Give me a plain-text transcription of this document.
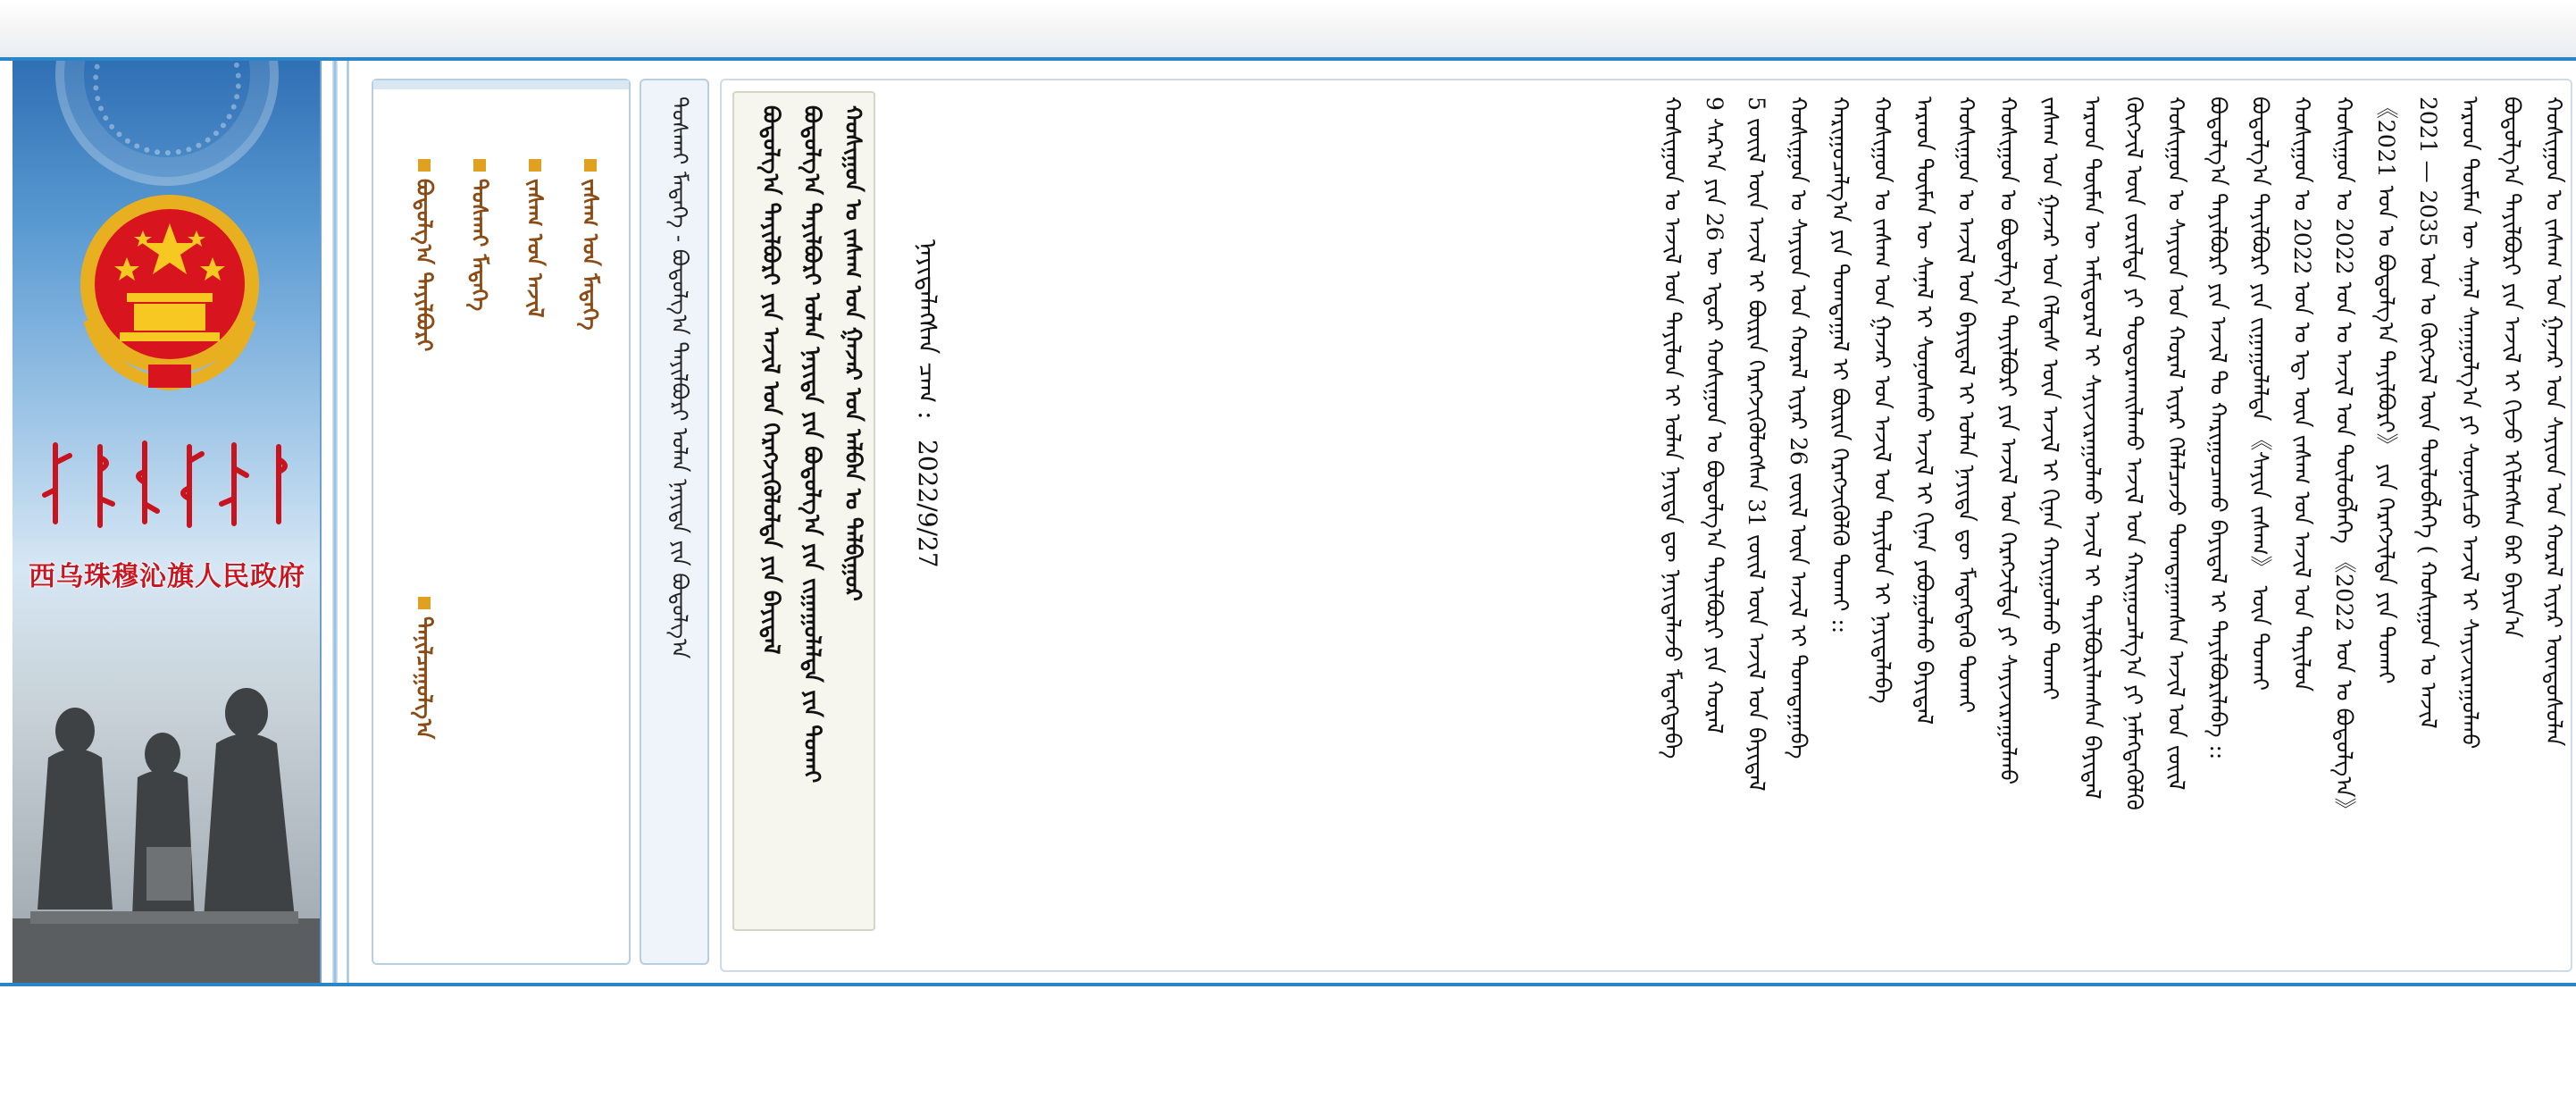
ᠪᠠᠷᠠᠭᠤᠨ ᠦᠵᠦᠮᠦᠴᠢᠨ ᠬᠣᠰᠢᠭᠤᠨ ᠤ ᠠᠷᠠᠳ ᠤᠨ ᠵᠠᠰᠠᠭ ᠤᠨ ᠭᠠᠵᠠᠷ
西乌珠穆沁旗人民政府
ᠵᠠᠰᠠᠭ ᠤᠨ ᠮᠡᠳᠡᠭᠡ
ᠵᠠᠰᠠᠭ ᠤᠨ ᠠᠵᠢᠯ
ᠲᠤᠰᠬᠠᠢ ᠮᠡᠳᠡᠭᠡ
ᠪᠣᠳᠤᠯᠭ᠎ᠠ ᠲᠠᠶᠢᠯᠪᠤᠷᠢ
ᠲᠠᠨᠢᠯᠴᠠᠭᠤᠯᠭ᠎ᠠ
ᠲᠤᠰᠬᠠᠢ ᠮᠡᠳᠡᠭᠡ - ᠪᠣᠳᠤᠯᠭ᠎ᠠ ᠲᠠᠶᠢᠯᠪᠤᠷᠢ ᠣᠯᠠᠨ ᠨᠡᠶᠢᠲᠡ ᠶᠢᠨ ᠪᠣᠳᠤᠯᠭ᠎ᠠ	ᠬᠣᠰᠢᠭᠤᠨ ᠤ ᠵᠠᠰᠠᠭ ᠤᠨ ᠭᠠᠵᠠᠷ ᠤᠨ ᠠᠯᠪᠠᠨ ᠤ ᠲᠠᠯᠪᠢᠭᠤᠷ
ᠪᠣᠳᠤᠯᠭ᠎ᠠ ᠲᠠᠶᠢᠯᠪᠤᠷᠢ ᠣᠯᠠᠨ ᠨᠡᠶᠢᠲᠡ ᠶᠢᠨ ᠪᠣᠳᠤᠯᠭ᠎ᠠ ᠶᠢᠨ ᠵᠢᠭᠠᠭᠤᠯᠠᠯᠲᠠ ᠶᠢᠨ ᠲᠤᠬᠠᠢ
ᠪᠣᠳᠤᠯᠭ᠎ᠠ ᠲᠠᠶᠢᠯᠪᠤᠷᠢ ᠶᠢᠨ ᠠᠵᠢᠯ ᠤᠨ ᠬᠡᠷᠡᠭᠵᠢᠭᠦᠯᠦᠯᠲᠡ ᠶᠢᠨ ᠪᠠᠶᠢᠳᠠᠯ	ᠨᠡᠶᠢᠲᠡᠯᠡᠭᠰᠡᠨ ᠴᠠᠭ : 2022/9/27	ᠬᠣᠰᠢᠭᠤᠨ ᠤ ᠵᠠᠰᠠᠭ ᠤᠨ ᠭᠠᠵᠠᠷ ᠤᠨ ᠰᠠᠶᠢᠳ ᠤᠨ ᠬᠤᠷᠠᠯ ᠢᠶᠠᠷ ᠦᠨᠳᠦᠰᠦᠯᠡᠨ
ᠪᠣᠳᠤᠯᠭ᠎ᠠ ᠲᠠᠶᠢᠯᠪᠤᠷᠢ ᠶᠢᠨ ᠠᠵᠢᠯ ᠢ ᠬᠢᠵᠦ ᠡᠬᠢᠯᠡᠭᠰᠡᠨ ᠪᠡᠷ ᠪᠠᠶᠢᠨ᠎ᠠ
ᠠᠷᠠᠳ ᠲᠦᠮᠡᠨ ᠦ ᠰᠠᠨᠠᠯ ᠰᠠᠨᠠᠭᠤᠯᠭ᠎ᠠ ᠶᠢ ᠰᠣᠨᠣᠰᠴᠤ ᠠᠵᠢᠯ ᠢ ᠰᠠᠶᠢᠵᠢᠷᠠᠭᠤᠯᠬᠤ
2021 — 2035 ᠣᠨ ᠤ ᠬᠥᠭᠵᠢᠯ ᠦᠨ ᠲᠥᠯᠥᠪᠯᠡᠭᠡ ( ᠬᠣᠰᠢᠭᠤᠨ ᠤ ᠠᠵᠢᠯ
《2021 ᠣᠨ ᠤ ᠪᠣᠳᠤᠯᠭ᠎ᠠ ᠲᠠᠶᠢᠯᠪᠤᠷᠢ》 ᠶᠢᠨ ᠬᠡᠷᠡᠭᠵᠢᠯᠲᠡ ᠶᠢᠨ ᠲᠤᠬᠠᠢ
ᠬᠣᠰᠢᠭᠤᠨ ᠤ 2022 ᠣᠨ ᠤ ᠠᠵᠢᠯ ᠤᠨ ᠲᠥᠯᠥᠪᠯᠡᠭᠡ 《2022 ᠣᠨ ᠤ ᠪᠣᠳᠤᠯᠭ᠎ᠠ》
ᠬᠣᠰᠢᠭᠤᠨ ᠤ 2022 ᠣᠨ ᠤ ᠡᠳ᠋ ᠦᠨ ᠵᠠᠰᠠᠭ ᠤᠨ ᠠᠵᠢᠯ ᠤᠨ ᠲᠠᠶᠢᠯᠤᠨ
ᠪᠣᠳᠤᠯᠭ᠎ᠠ ᠲᠠᠶᠢᠯᠪᠤᠷᠢ ᠶᠢᠨ ᠵᠢᠭᠠᠭᠤᠯᠠᠯᠲᠠ 《ᠰᠠᠶᠢᠨ ᠵᠠᠰᠠᠭ》 ᠦᠨ ᠲᠤᠬᠠᠢ
ᠪᠣᠳᠤᠯᠭ᠎ᠠ ᠲᠠᠶᠢᠯᠪᠤᠷᠢ ᠶᠢᠨ ᠠᠵᠢᠯ ᠲᠤ ᠬᠠᠷᠢᠭᠤᠴᠠᠬᠤ ᠪᠠᠶᠢᠳᠠᠯ ᠢ ᠲᠠᠶᠢᠯᠪᠤᠷᠢᠯᠠᠪᠠ ::
ᠬᠣᠰᠢᠭᠤᠨ ᠤ ᠰᠠᠶᠢᠳ ᠤᠨ ᠬᠤᠷᠠᠯ ᠢᠶᠠᠷ ᠬᠡᠯᠡᠯᠴᠡᠵᠦ ᠲᠣᠭᠲᠠᠭᠠᠭᠰᠠᠨ ᠠᠵᠢᠯ ᠤᠨ ᠵᠦᠢᠯ
ᠬᠥᠭᠵᠢᠯ ᠦᠨ ᠵᠣᠷᠢᠯᠲᠠ ᠶᠢ ᠲᠣᠳᠣᠷᠬᠠᠢᠯᠠᠬᠤ ᠠᠵᠢᠯ ᠤᠨ ᠬᠠᠷᠢᠭᠤᠴᠠᠯᠭ᠎ᠠ ᠶᠢ ᠨᠡᠮᠡᠭᠳᠡᠭᠦᠯᠬᠦ
ᠠᠷᠠᠳ ᠲᠦᠮᠡᠨ ᠦ ᠠᠮᠢᠳᠤᠷᠠᠯ ᠢ ᠰᠠᠶᠢᠵᠢᠷᠠᠭᠤᠯᠬᠤ ᠠᠵᠢᠯ ᠢ ᠲᠠᠶᠢᠯᠪᠤᠷᠢᠯᠠᠭᠰᠠᠨ ᠪᠠᠶᠢᠳᠠᠯ
ᠵᠠᠰᠠᠭ ᠤᠨ ᠭᠠᠵᠠᠷ ᠤᠨ ᠬᠡᠯᠲᠡᠰ ᠦᠨ ᠠᠵᠢᠯ ᠢ ᠬᠢᠨᠠᠨ ᠬᠠᠶᠢᠭᠤᠯᠬᠤ ᠲᠤᠬᠠᠢ
ᠬᠣᠰᠢᠭᠤᠨ ᠤ ᠪᠣᠳᠤᠯᠭ᠎ᠠ ᠲᠠᠶᠢᠯᠪᠤᠷᠢ ᠶᠢᠨ ᠠᠵᠢᠯ ᠤᠨ ᠬᠡᠷᠡᠭᠵᠢᠯᠲᠡ ᠶᠢ ᠰᠠᠶᠢᠵᠢᠷᠠᠭᠤᠯᠬᠤ
ᠬᠣᠰᠢᠭᠤᠨ ᠤ ᠠᠵᠢᠯ ᠤᠨ ᠪᠠᠶᠢᠳᠠᠯ ᠢ ᠣᠯᠠᠨ ᠨᠡᠶᠢᠲᠡ ᠳᠦ ᠮᠡᠳᠡᠭᠳᠡᠬᠦ ᠲᠤᠬᠠᠢ
ᠠᠷᠠᠳ ᠲᠦᠮᠡᠨ ᠦ ᠰᠠᠨᠠᠯ ᠢ ᠰᠣᠨᠣᠰᠬᠤ ᠠᠵᠢᠯ ᠢ ᠬᠢᠨᠠᠨ ᠶᠠᠪᠤᠭᠤᠯᠬᠤ ᠪᠠᠶᠢᠳᠠᠯ
ᠬᠣᠰᠢᠭᠤᠨ ᠤ ᠵᠠᠰᠠᠭ ᠤᠨ ᠭᠠᠵᠠᠷ ᠤᠨ ᠠᠵᠢᠯ ᠤᠨ ᠲᠠᠶᠢᠯᠤᠨ ᠢ ᠨᠡᠶᠢᠲᠡᠯᠡᠪᠡ
ᠬᠠᠷᠢᠭᠤᠴᠠᠯᠭ᠎ᠠ ᠶᠢᠨ ᠲᠣᠭᠲᠠᠭᠠᠯ ᠢ ᠪᠦᠷᠢᠨ ᠬᠡᠷᠡᠭᠵᠢᠭᠦᠯᠬᠦ ᠲᠤᠬᠠᠢ ::
ᠬᠣᠰᠢᠭᠤᠨ ᠤ ᠰᠠᠶᠢᠳ ᠤᠨ ᠬᠤᠷᠠᠯ ᠢᠶᠠᠷ 26 ᠵᠦᠢᠯ ᠦᠨ ᠠᠵᠢᠯ ᠢ ᠲᠣᠭᠲᠠᠭᠠᠪᠠ
5 ᠵᠦᠢᠯ ᠦᠨ ᠠᠵᠢᠯ ᠢ ᠪᠦᠷᠢᠨ ᠬᠡᠷᠡᠭᠵᠢᠭᠦᠯᠦᠭᠰᠡᠨ 31 ᠵᠦᠢᠯ ᠦᠨ ᠠᠵᠢᠯ ᠤᠨ ᠪᠠᠶᠢᠳᠠᠯ
9 ᠰᠠᠷ᠎ᠠ ᠶᠢᠨ 26 ᠦ ᠡᠳᠦᠷ ᠬᠣᠰᠢᠭᠤᠨ ᠤ ᠪᠣᠳᠤᠯᠭ᠎ᠠ ᠲᠠᠶᠢᠯᠪᠤᠷᠢ ᠶᠢᠨ ᠬᠤᠷᠠᠯ
ᠬᠣᠰᠢᠭᠤᠨ ᠤ ᠠᠵᠢᠯ ᠤᠨ ᠲᠠᠶᠢᠯᠤᠨ ᠢ ᠣᠯᠠᠨ ᠨᠡᠶᠢᠲᠡ ᠳᠦ ᠨᠡᠶᠢᠲᠡᠯᠡᠵᠦ ᠮᠡᠳᠡᠭᠳᠡᠪᠡ
